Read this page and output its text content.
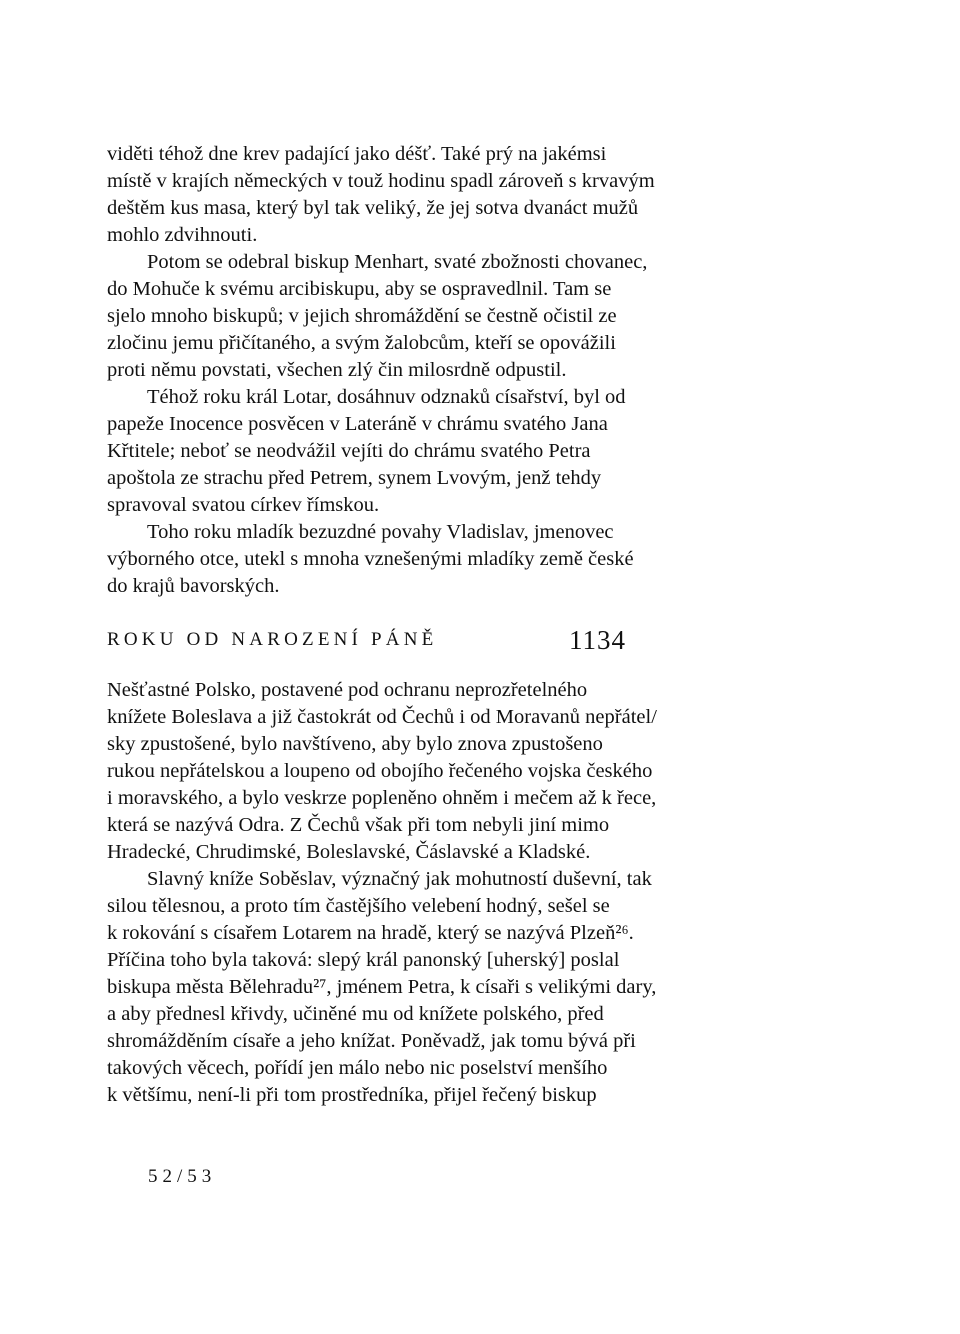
viděti téhož dne krev padající jako déšť. Také prý na jakémsi
místě v krajích německých v touž hodinu spadl zároveň s krvavým
deštěm kus masa, který byl tak veliký, že jej sotva dvanáct mužů
mohlo zdvihnouti.

Potom se odebral biskup Menhart, svaté zbožnosti chovanec,
do Mohuče k svému arcibiskupu, aby se ospravedlnil. Tam se
sjelo mnoho biskupů; v jejich shromáždění se čestně očistil ze
zločinu jemu přičítaného, a svým žalobcům, kteří se opovážili
proti němu povstati, všechen zlý čin milosrdně odpustil.

Téhož roku král Lotar, dosáhnuv odznaků císařství, byl od
papeže Inocence posvěcen v Lateráně v chrámu svatého Jana
Křtitele; neboť se neodvážil vejíti do chrámu svatého Petra
apoštola ze strachu před Petrem, synem Lvovým, jenž tehdy
spravoval svatou církev římskou.

Toho roku mladík bezuzdné povahy Vladislav, jmenovec
výborného otce, utekl s mnoha vznešenými mladíky země české
do krajů bavorských.

ROKU OD NAROZENÍ PÁNĚ	1134

Nešťastné Polsko, postavené pod ochranu neprozřetelného
knížete Boleslava a již častokrát od Čechů i od Moravanů nepřátel/
sky zpustošené, bylo navštíveno, aby bylo znova zpustošeno
rukou nepřátelskou a loupeno od obojího řečeného vojska českého
i moravského, a bylo veskrze popleněno ohněm i mečem až k řece,
která se nazývá Odra. Z Čechů však při tom nebyli jiní mimo
Hradecké, Chrudimské, Boleslavské, Čáslavské a Kladské.

Slavný kníže Soběslav, význačný jak mohutností duševní, tak
silou tělesnou, a proto tím častějšího velebení hodný, sešel se
k rokování s císařem Lotarem na hradě, který se nazývá Plzeň²⁶.
Příčina toho byla taková: slepý král panonský [uherský] poslal
biskupa města Bělehradu²⁷, jménem Petra, k císaři s velikými dary,
a aby přednesl křivdy, učiněné mu od knížete polského, před
shromážděním císaře a jeho knížat. Poněvadž, jak tomu bývá při
takových věcech, pořídí jen málo nebo nic poselství menšího
k většímu, není-li při tom prostředníka, přijel řečený biskup

52/53
